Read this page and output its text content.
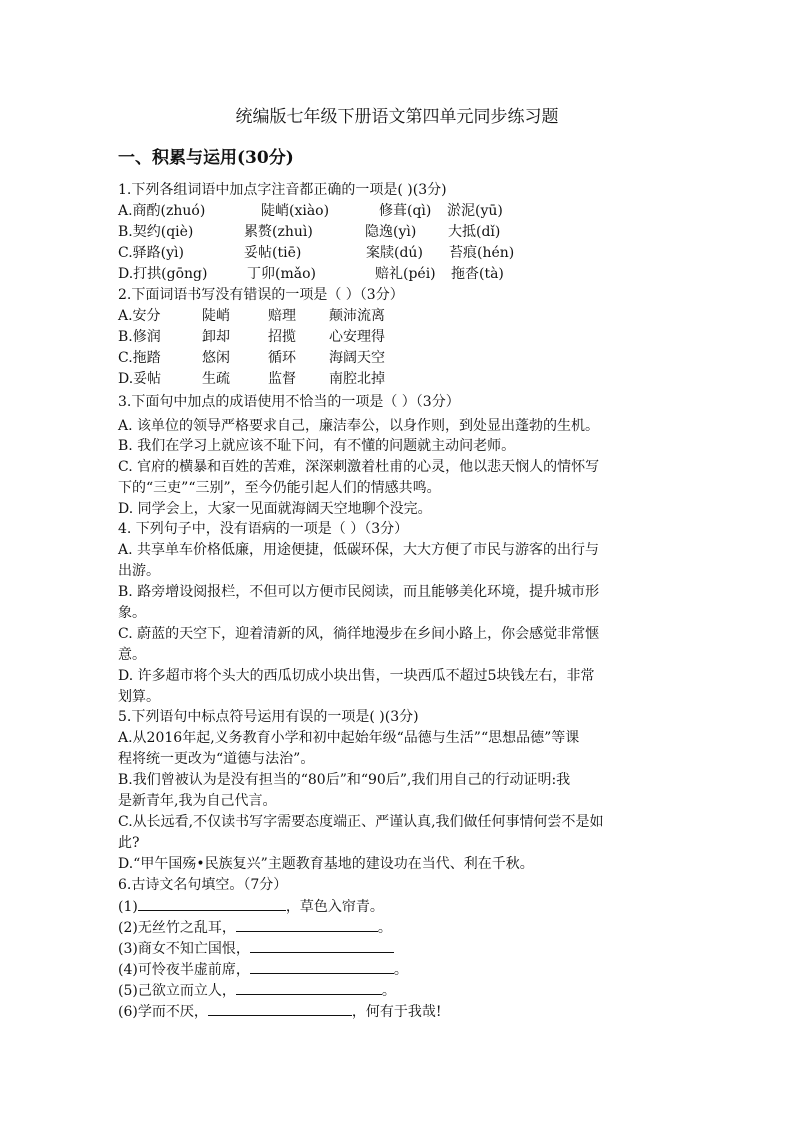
统编版七年级下册语文第四单元同步练习题
一、积累与运用(30分)
1.下列各组词语中加点字注音都正确的一项是( )(3分)
A.商酌(zhuó)	陡峭(xiào)	修葺(qì) 淤泥(yū)
B.契约(qiè)	累赘(zhuì)	隐逸(yì) 大抵(dǐ)
C.驿路(yì)	妥帖(tiē)	案牍(dú) 苔痕(hén)
D.打拱(gōng)	丁卯(mǎo)	赔礼(péi) 拖沓(tà)
2.下面词语书写没有错误的一项是（ ）（3分）
A.安分	陡峭	赔理 颠沛流离
B.修润	卸却	招揽 心安理得
C.拖踏	悠闲	循环 海阔天空
D.妥帖	生疏	监督 南腔北掉
3.下面句中加点的成语使用不恰当的一项是（ ）（3分）
A. 该单位的领导严格要求自己，廉洁奉公，以身作则，到处显出蓬勃的生机。
B. 我们在学习上就应该不耻下问，有不懂的问题就主动问老师。
C. 官府的横暴和百姓的苦难，深深刺激着杜甫的心灵，他以悲天悯人的情怀写
下的“三吏”“三别”，至今仍能引起人们的情感共鸣。
D. 同学会上，大家一见面就海阔天空地聊个没完。
4. 下列句子中，没有语病的一项是（ ）（3分）
A. 共享单车价格低廉，用途便捷，低碳环保，大大方便了市民与游客的出行与
出游。
B. 路旁增设阅报栏，不但可以方便市民阅读，而且能够美化环境，提升城市形
象。
C. 蔚蓝的天空下，迎着清新的风，徜徉地漫步在乡间小路上，你会感觉非常惬
意。
D. 许多超市将个头大的西瓜切成小块出售，一块西瓜不超过5块钱左右，非常
划算。
5.下列语句中标点符号运用有误的一项是( )(3分)
A.从2016年起,义务教育小学和初中起始年级“品德与生活”“思想品德”等课
程将统一更改为“道德与法治”。
B.我们曾被认为是没有担当的“80后”和“90后”,我们用自己的行动证明:我
是新青年,我为自己代言。
C.从长远看,不仅读书写字需要态度端正、严谨认真,我们做任何事情何尝不是如
此?
D.“甲午国殇•民族复兴”主题教育基地的建设功在当代、利在千秋。
6.古诗文名句填空。（7分）
(1)	，草色入帘青。
(2)无丝竹之乱耳，	。
(3)商女不知亡国恨，
(4)可怜夜半虚前席，	。
(5)己欲立而立人，	。
(6)学而不厌，	，何有于我哉!
